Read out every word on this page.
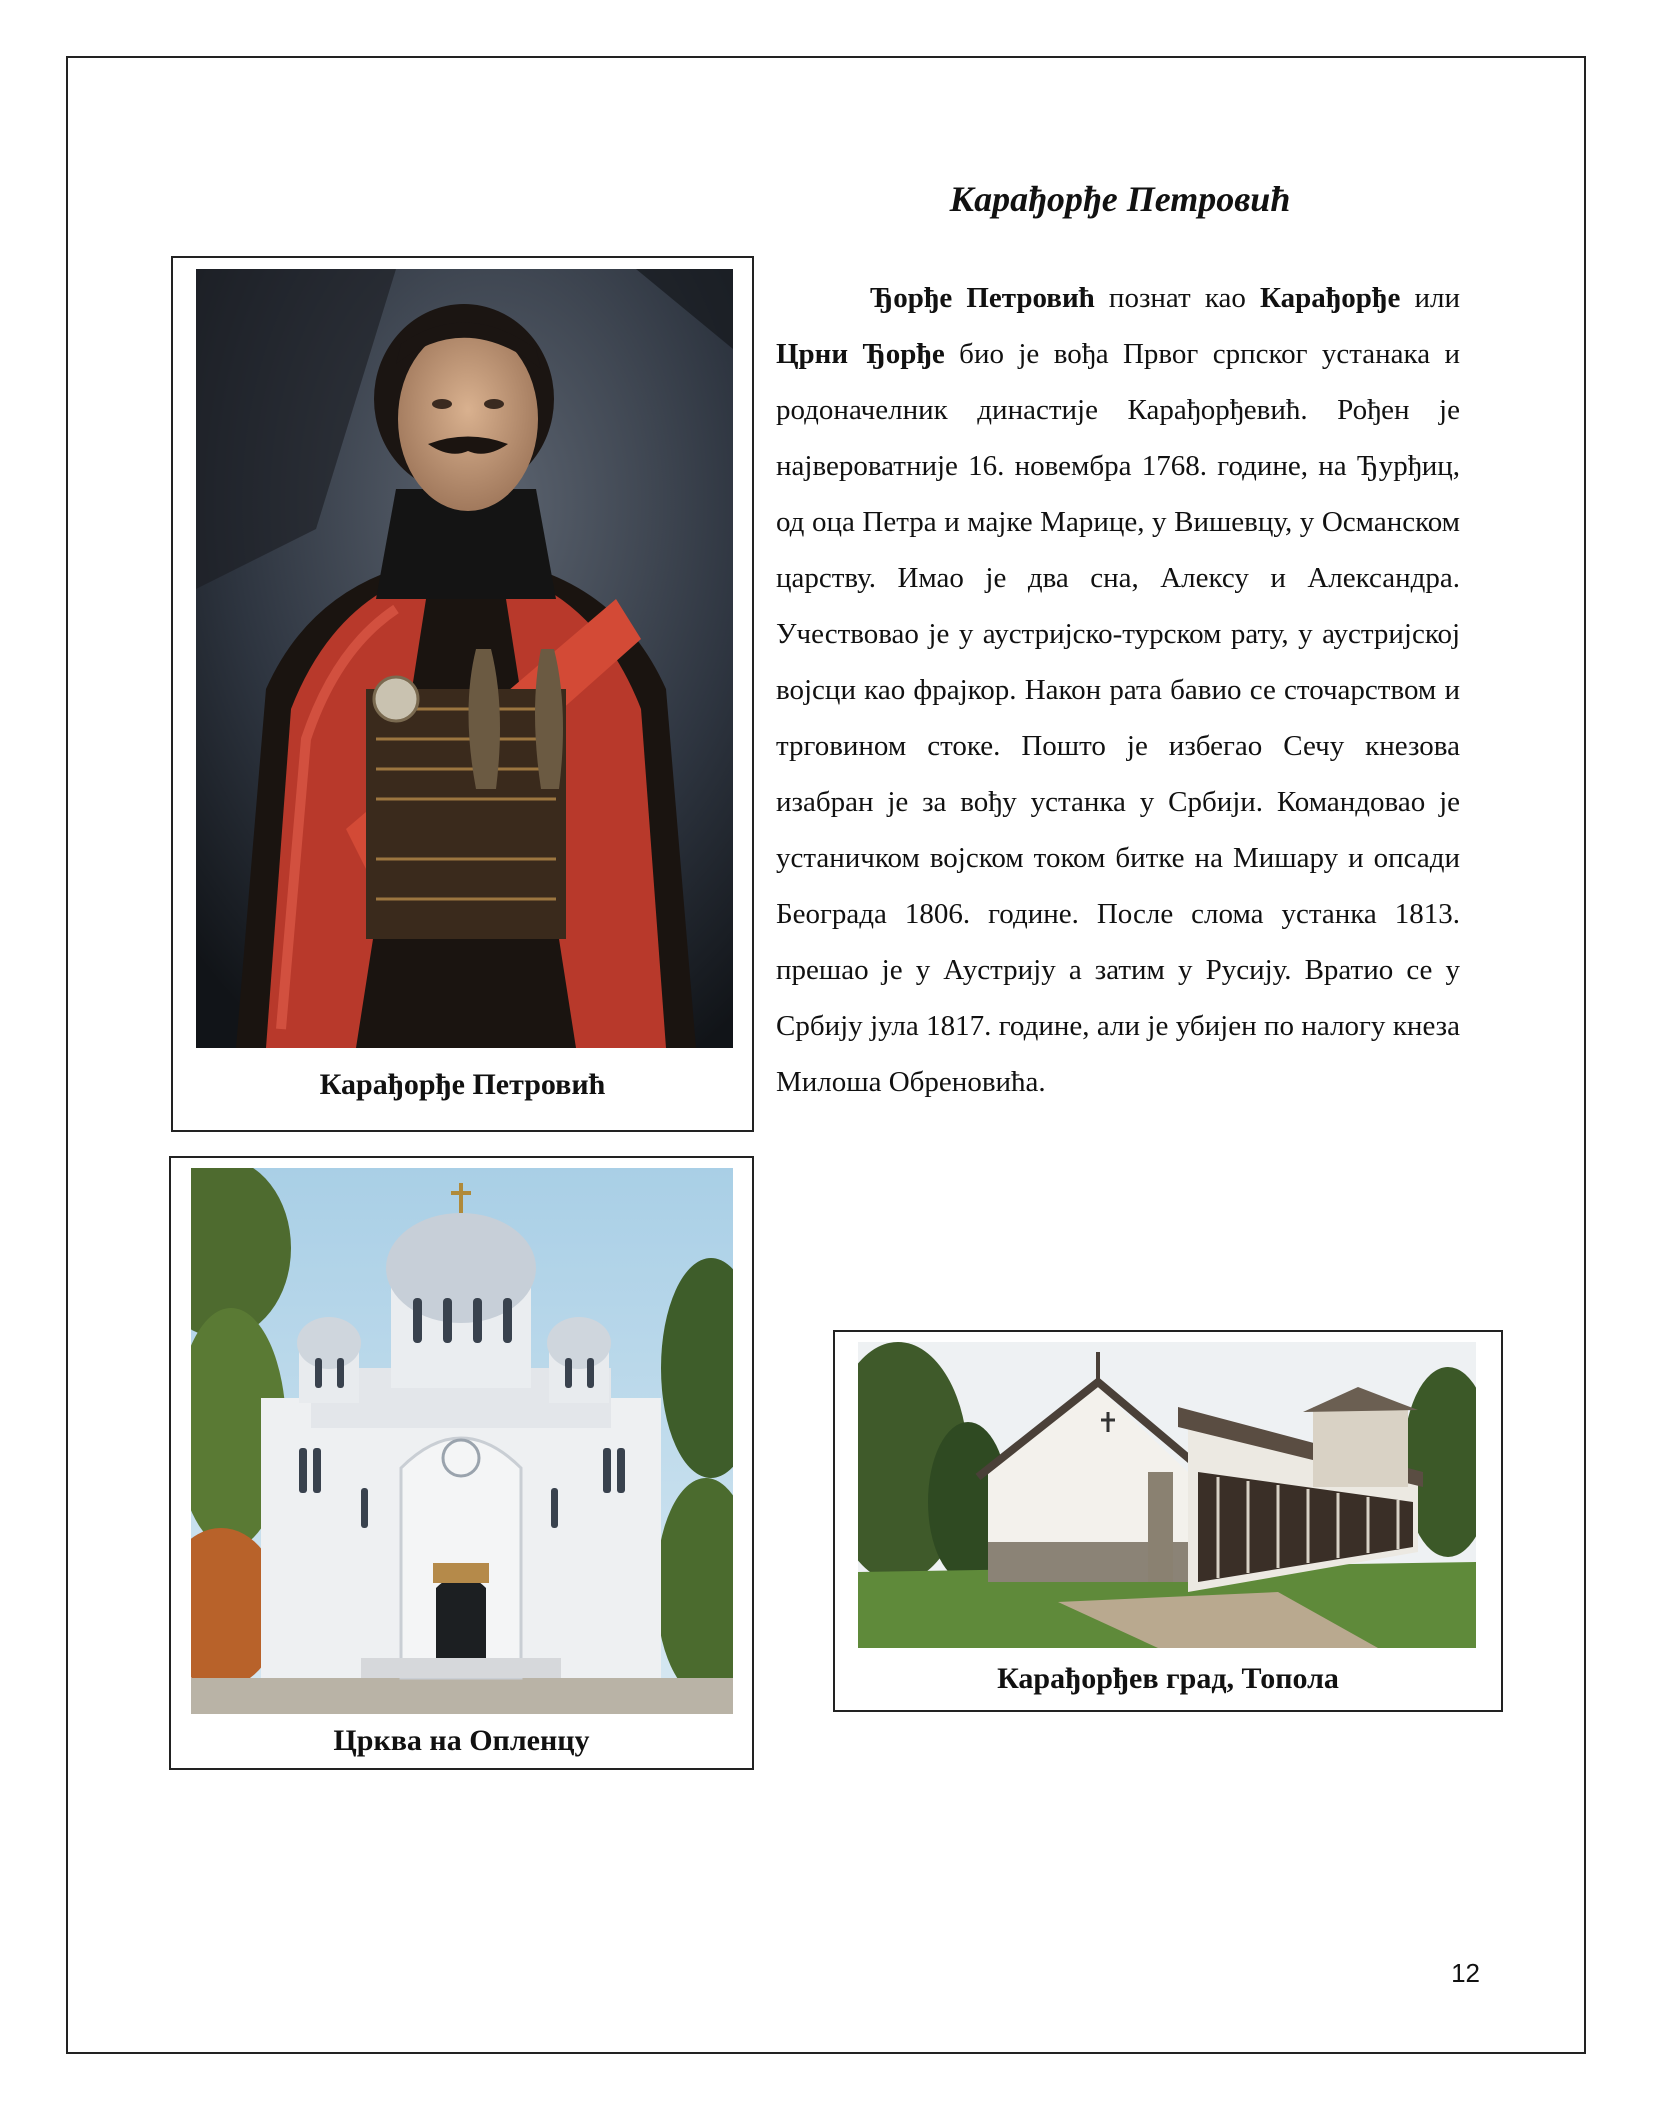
Карађорђе Петровић
Ђорђе Петровић познат као Карађорђе или Црни Ђорђе био је вођа Првог српског устанака и родоначелник династије Карађорђевић. Рођен је највероватније 16. новембра 1768. године, на Ђурђиц, од оца Петра и мајке Марице, у Вишевцу, у Османском царству. Имао је два сна, Алексу и Александра. Учествовао је у аустријско-турском рату, у аустријској војсци као фрајкор. Након рата бавио се сточарством и трговином стоке. Пошто је избегао Сечу кнезова изабран је за вођу устанка у Србији. Командовао је устаничком војском током битке на Мишару и опсади Београда 1806. године. После слома устанка 1813. прешао је у Аустрију а затим у Русију. Вратио се у Србију јула 1817. године, али је убијен по налогу кнеза Милоша Обреновића.
Карађорђе Петровић
Црква на Опленцу
Карађорђев град, Топола
12
